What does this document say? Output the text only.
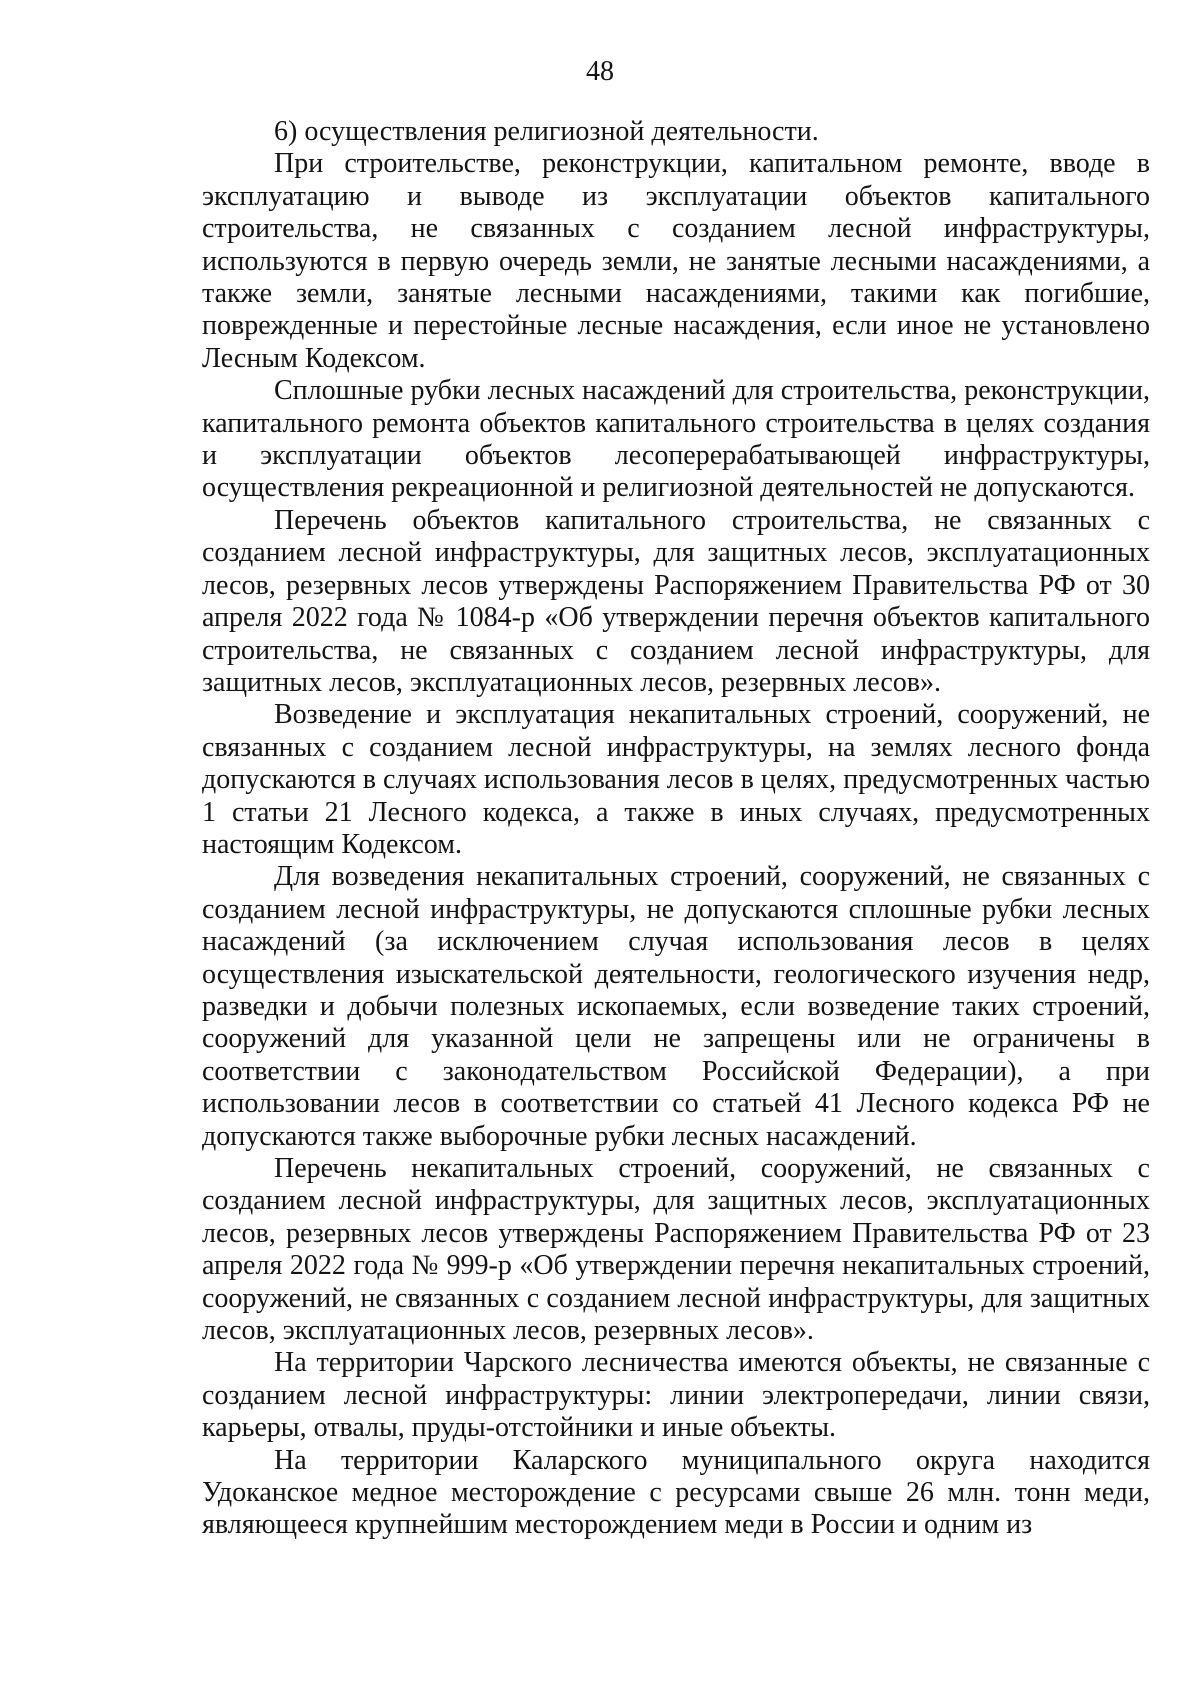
48

6) осуществления религиозной деятельности.

При строительстве, реконструкции, капитальном ремонте, вводе в эксплуатацию и выводе из эксплуатации объектов капитального строительства, не связанных с созданием лесной инфраструктуры, используются в первую очередь земли, не занятые лесными насаждениями, а также земли, занятые лесными насаждениями, такими как погибшие, поврежденные и перестойные лесные насаждения, если иное не установлено Лесным Кодексом.

Сплошные рубки лесных насаждений для строительства, реконструкции, капитального ремонта объектов капитального строительства в целях создания и эксплуатации объектов лесоперерабатывающей инфраструктуры, осуществления рекреационной и религиозной деятельностей не допускаются.

Перечень объектов капитального строительства, не связанных с созданием лесной инфраструктуры, для защитных лесов, эксплуатационных лесов, резервных лесов утверждены Распоряжением Правительства РФ от 30 апреля 2022 года № 1084-р «Об утверждении перечня объектов капитального строительства, не связанных с созданием лесной инфраструктуры, для защитных лесов, эксплуатационных лесов, резервных лесов».

Возведение и эксплуатация некапитальных строений, сооружений, не связанных с созданием лесной инфраструктуры, на землях лесного фонда допускаются в случаях использования лесов в целях, предусмотренных частью 1 статьи 21 Лесного кодекса, а также в иных случаях, предусмотренных настоящим Кодексом.

Для возведения некапитальных строений, сооружений, не связанных с созданием лесной инфраструктуры, не допускаются сплошные рубки лесных насаждений (за исключением случая использования лесов в целях осуществления изыскательской деятельности, геологического изучения недр, разведки и добычи полезных ископаемых, если возведение таких строений, сооружений для указанной цели не запрещены или не ограничены в соответствии с законодательством Российской Федерации), а при использовании лесов в соответствии со статьей 41 Лесного кодекса РФ не допускаются также выборочные рубки лесных насаждений.

Перечень некапитальных строений, сооружений, не связанных с созданием лесной инфраструктуры, для защитных лесов, эксплуатационных лесов, резервных лесов утверждены Распоряжением Правительства РФ от 23 апреля 2022 года № 999-р «Об утверждении перечня некапитальных строений, сооружений, не связанных с созданием лесной инфраструктуры, для защитных лесов, эксплуатационных лесов, резервных лесов».

На территории Чарского лесничества имеются объекты, не связанные с созданием лесной инфраструктуры: линии электропередачи, линии связи, карьеры, отвалы, пруды-отстойники и иные объекты.

На территории Каларского муниципального округа находится Удоканское медное месторождение с ресурсами свыше 26 млн. тонн меди, являющееся крупнейшим месторождением меди в России и одним из
